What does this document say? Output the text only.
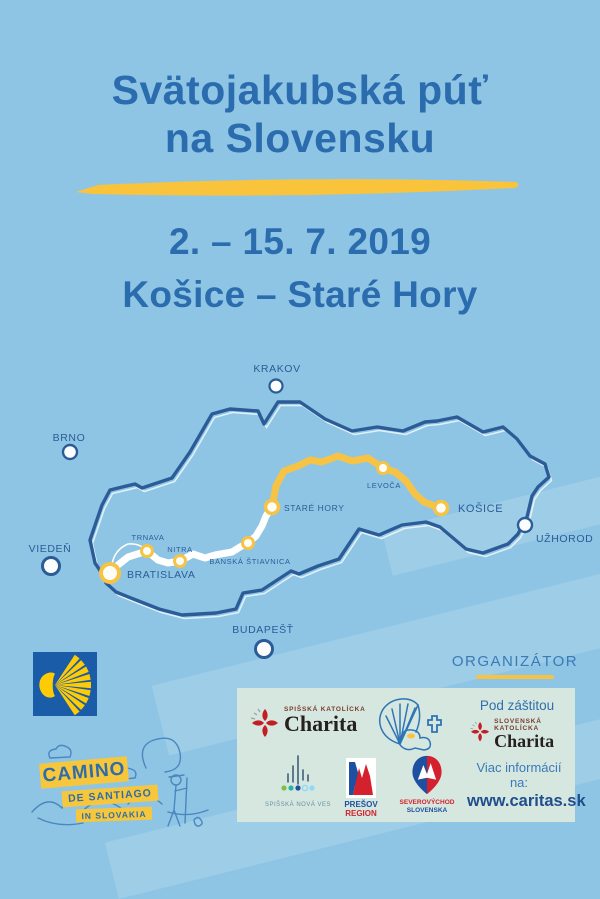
Svätojakubská púť
na Slovensku
2. – 15. 7. 2019
Košice – Staré Hory
KRAKOV
BRNO
VIEDEŇ
BUDAPEŠŤ
UŽHOROD
BRATISLAVA
TRNAVA
NITRA
BANSKÁ ŠTIAVNICA
STARÉ HORY
LEVOČA
KOŠICE
CAMINO
DE SANTIAGO
IN SLOVAKIA
ORGANIZÁTOR
SPIŠSKÁ KATOLÍCKA
Charita
Pod záštitou
SLOVENSKÁ KATOLÍCKA
Charita
SPIŠSKÁ NOVÁ VES	PREŠOV
REGION
SEVEROVÝCHOD
SLOVENSKA
Viac informácií na:
www.caritas.sk
